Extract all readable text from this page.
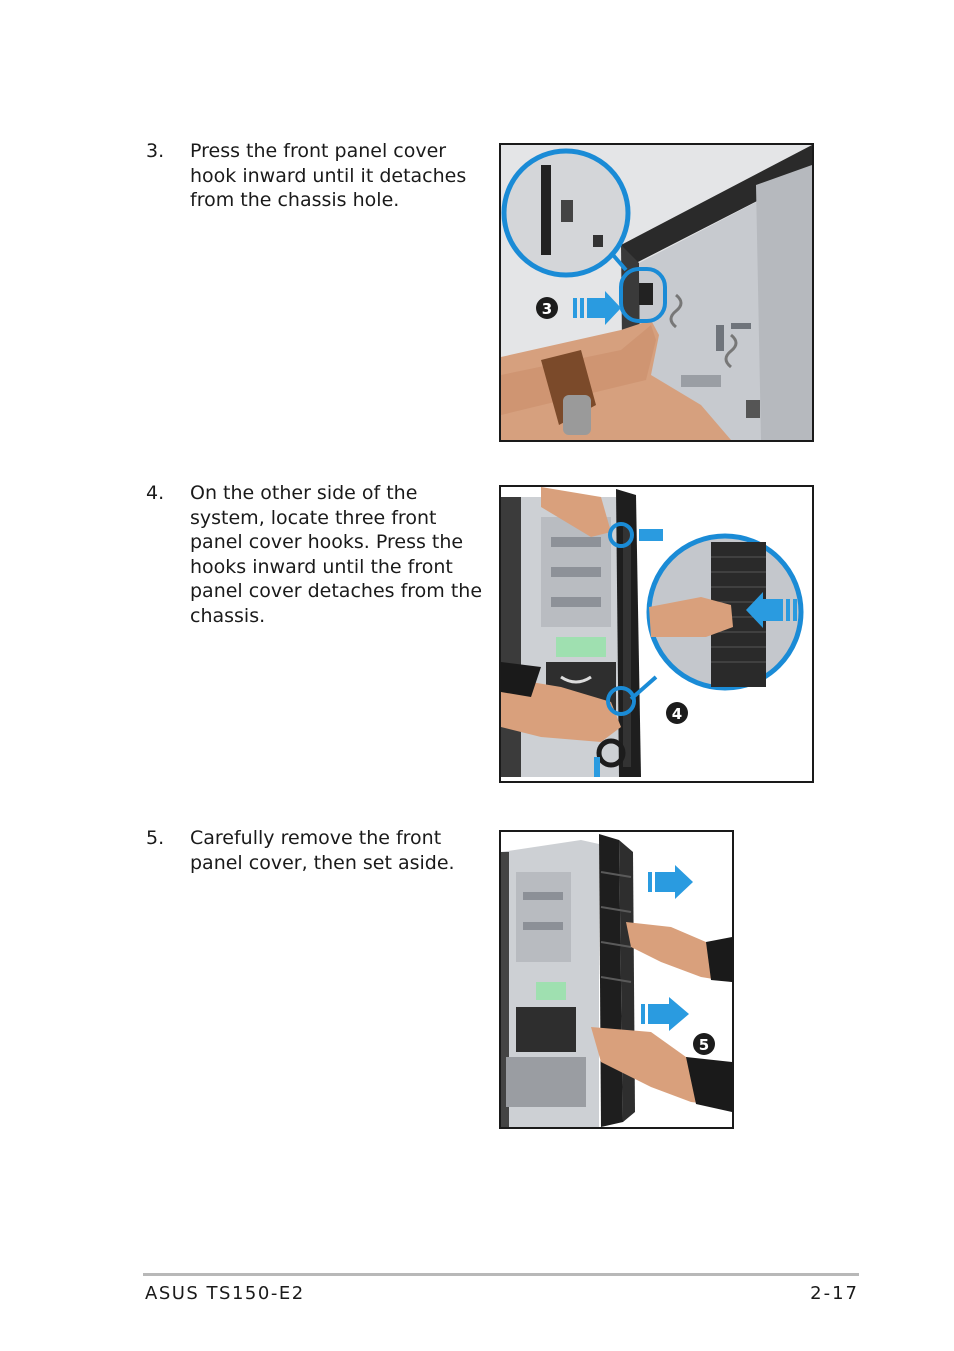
3.	Press the front panel cover
hook inward until it detaches
from the chassis hole.
3
4.	On the other side of the
system, locate three front
panel cover hooks. Press the
hooks inward until the front
panel cover detaches from the
chassis.
4
5.	Carefully remove the front
panel cover, then set aside.
5
ASUS TS150-E2	2-17
